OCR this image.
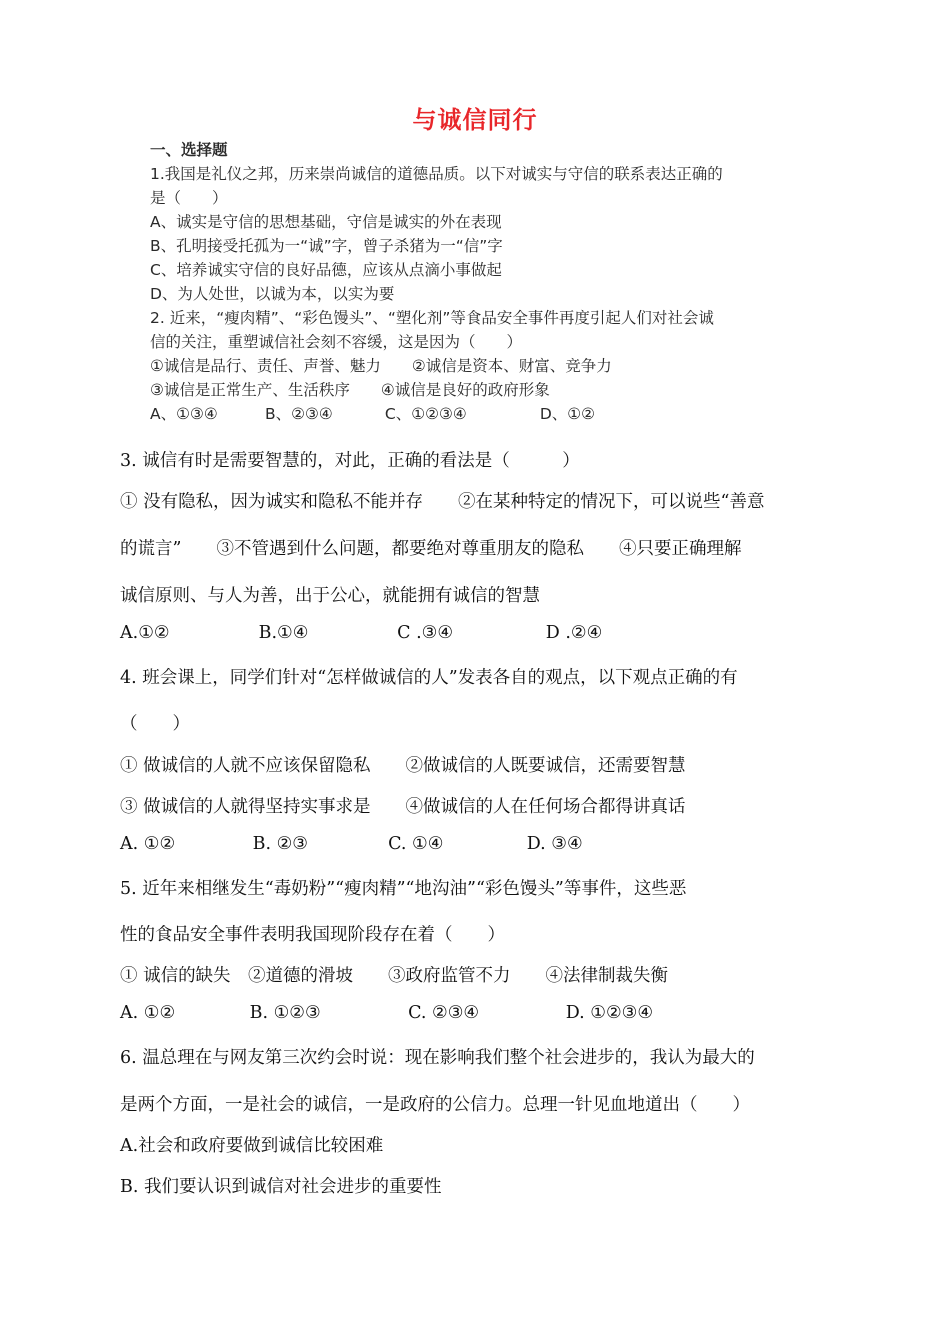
与诚信同行
一、选择题
1.我国是礼仪之邦，历来崇尚诚信的道德品质。以下对诚实与守信的联系表达正确的
是（　　）
A、诚实是守信的思想基础，守信是诚实的外在表现
B、孔明接受托孤为一“诚”字，曾子杀猪为一“信”字
C、培养诚实守信的良好品德，应该从点滴小事做起
D、为人处世，以诚为本，以实为要
2. 近来，“瘦肉精”、“彩色馒头”、“塑化剂”等食品安全事件再度引起人们对社会诚
信的关注，重塑诚信社会刻不容缓，这是因为（　　）
①诚信是品行、责任、声誉、魅力　　②诚信是资本、财富、竞争力
③诚信是正常生产、生活秩序　　④诚信是良好的政府形象
A、①③④	B、②③④	C、①②③④	D、①②
3. 诚信有时是需要智慧的，对此，正确的看法是（　　　）
① 没有隐私，因为诚实和隐私不能并存　　②在某种特定的情况下，可以说些“善意
的谎言”　　③不管遇到什么问题，都要绝对尊重朋友的隐私　　④只要正确理解
诚信原则、与人为善，出于公心，就能拥有诚信的智慧
A.①②	B.①④	C .③④	D .②④
4. 班会课上，同学们针对“怎样做诚信的人”发表各自的观点，以下观点正确的有
（　　）
① 做诚信的人就不应该保留隐私　　②做诚信的人既要诚信，还需要智慧
③ 做诚信的人就得坚持实事求是　　④做诚信的人在任何场合都得讲真话
A. ①②	B. ②③	C. ①④	D. ③④
5. 近年来相继发生“毒奶粉”“瘦肉精”“地沟油”“彩色馒头”等事件，这些恶
性的食品安全事件表明我国现阶段存在着（　　）
① 诚信的缺失　②道德的滑坡　　③政府监管不力　　④法律制裁失衡
A. ①②	B. ①②③	C. ②③④	D. ①②③④
6. 温总理在与网友第三次约会时说：现在影响我们整个社会进步的，我认为最大的
是两个方面，一是社会的诚信，一是政府的公信力。总理一针见血地道出（　　）
A.社会和政府要做到诚信比较困难
B. 我们要认识到诚信对社会进步的重要性
